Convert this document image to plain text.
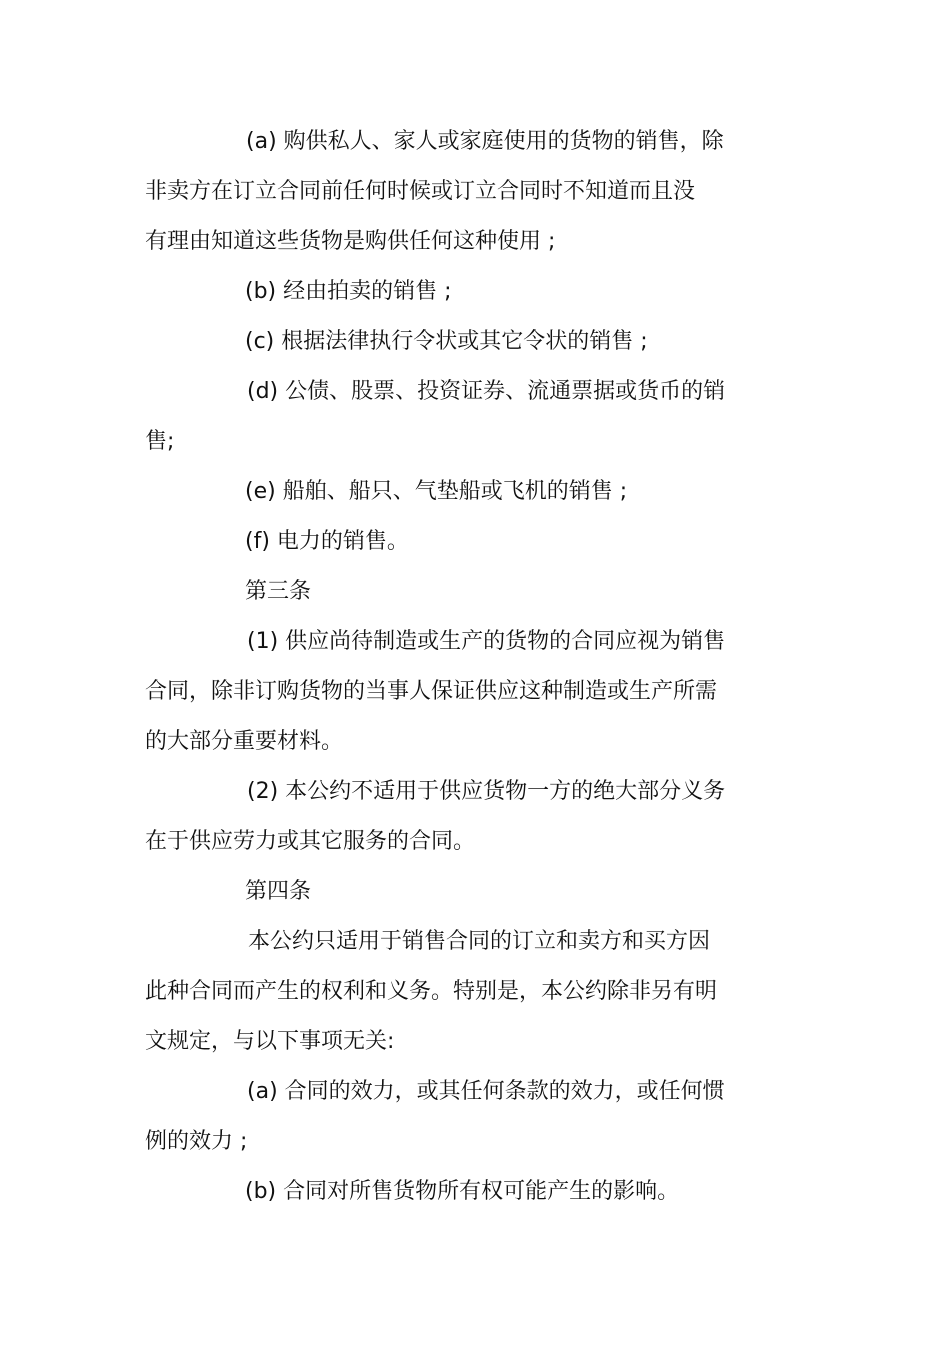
(a) 购供私人、家人或家庭使用的货物的销售，除
非卖方在订立合同前任何时候或订立合同时不知道而且没
有理由知道这些货物是购供任何这种使用 ;
(b) 经由拍卖的销售 ;
(c) 根据法律执行令状或其它令状的销售 ;
(d) 公债、股票、投资证券、流通票据或货币的销
售;
(e) 船舶、船只、气垫船或飞机的销售 ;
(f) 电力的销售。
第三条
(1) 供应尚待制造或生产的货物的合同应视为销售
合同，除非订购货物的当事人保证供应这种制造或生产所需
的大部分重要材料。
(2) 本公约不适用于供应货物一方的绝大部分义务
在于供应劳力或其它服务的合同。
第四条
本公约只适用于销售合同的订立和卖方和买方因
此种合同而产生的权利和义务。特别是，本公约除非另有明
文规定，与以下事项无关:
(a) 合同的效力，或其任何条款的效力，或任何惯
例的效力 ;
(b) 合同对所售货物所有权可能产生的影响。
